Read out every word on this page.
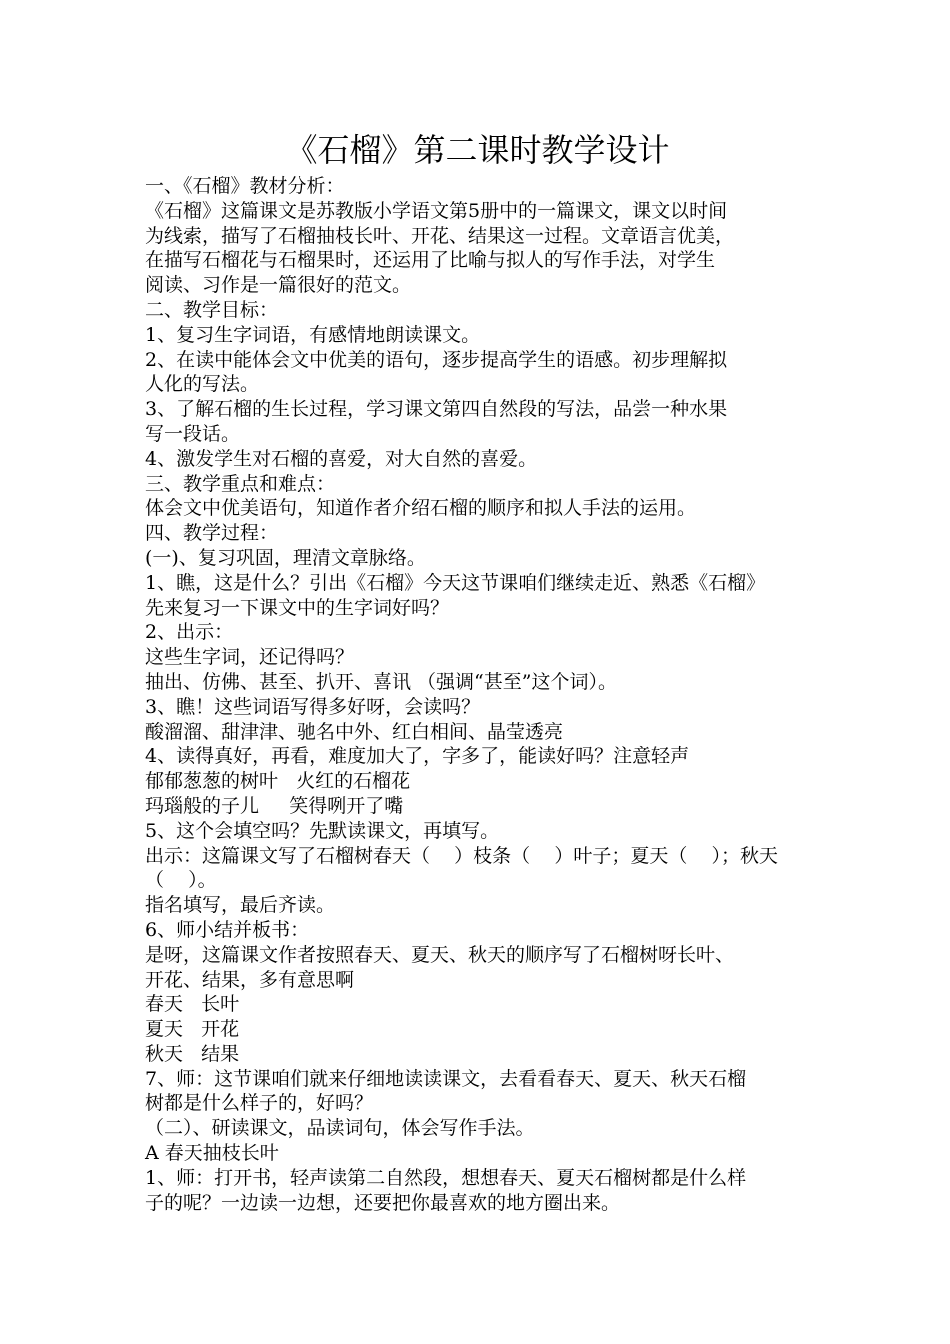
《石榴》第二课时教学设计
一、《石榴》教材分析：
《石榴》这篇课文是苏教版小学语文第5册中的一篇课文，课文以时间
为线索，描写了石榴抽枝长叶、开花、结果这一过程。文章语言优美，
在描写石榴花与石榴果时，还运用了比喻与拟人的写作手法，对学生
阅读、习作是一篇很好的范文。
二、教学目标：
1、复习生字词语，有感情地朗读课文。
2、在读中能体会文中优美的语句，逐步提高学生的语感。初步理解拟
人化的写法。
3、了解石榴的生长过程，学习课文第四自然段的写法，品尝一种水果
写一段话。
4、激发学生对石榴的喜爱，对大自然的喜爱。
三、教学重点和难点：
体会文中优美语句，知道作者介绍石榴的顺序和拟人手法的运用。
四、教学过程：
(一)、复习巩固，理清文章脉络。
1、瞧，这是什么？引出《石榴》今天这节课咱们继续走近、熟悉《石榴》
先来复习一下课文中的生字词好吗？
2、出示：
这些生字词，还记得吗？
抽出、仿佛、甚至、扒开、喜讯 （强调“甚至”这个词）。
3、瞧！这些词语写得多好呀，会读吗？
酸溜溜、甜津津、驰名中外、红白相间、晶莹透亮
4、读得真好，再看，难度加大了，字多了，能读好吗？注意轻声
郁郁葱葱的树叶   火红的石榴花
玛瑙般的子儿     笑得咧开了嘴
5、这个会填空吗？先默读课文，再填写。
出示：这篇课文写了石榴树春天（    ）枝条（    ）叶子；夏天（    ）；秋天
（    ）。
指名填写，最后齐读。
6、师小结并板书：
是呀，这篇课文作者按照春天、夏天、秋天的顺序写了石榴树呀长叶、
开花、结果，多有意思啊
春天   长叶
夏天   开花
秋天   结果
7、师：这节课咱们就来仔细地读读课文，去看看春天、夏天、秋天石榴
树都是什么样子的，好吗？
（二）、研读课文，品读词句，体会写作手法。
A 春天抽枝长叶
1、师：打开书，轻声读第二自然段，想想春天、夏天石榴树都是什么样
子的呢？一边读一边想，还要把你最喜欢的地方圈出来。
